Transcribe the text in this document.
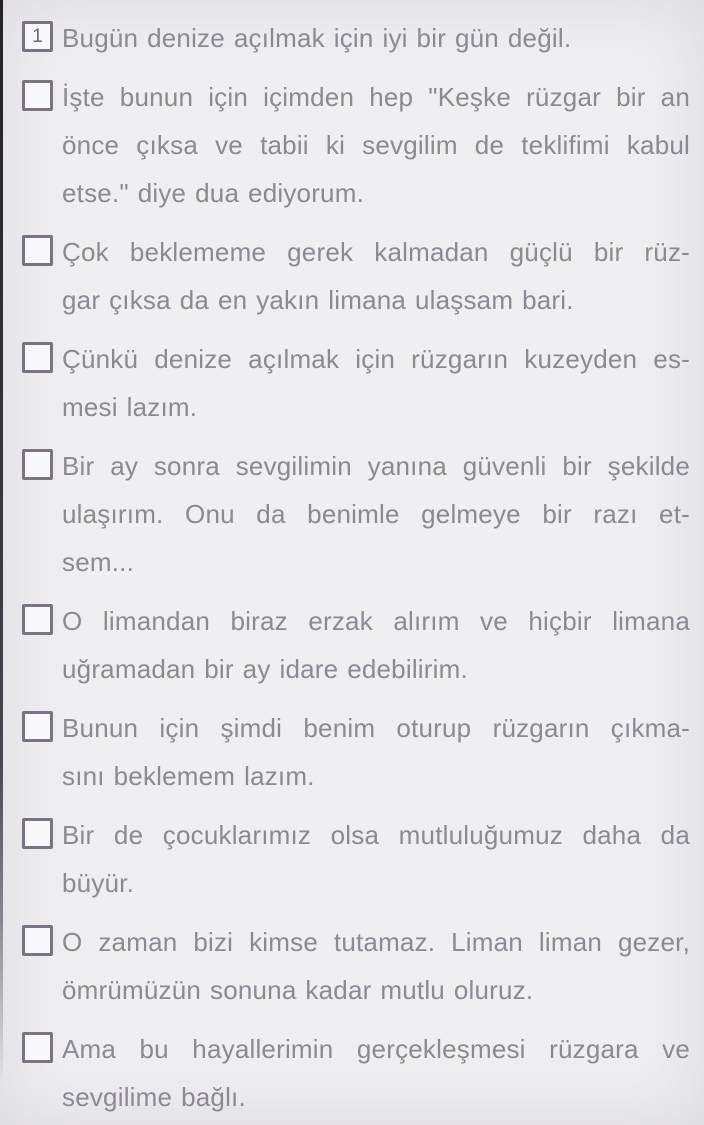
1 Bugün denize açılmak için iyi bir gün değil.
İşte bunun için içimden hep "Keşke rüzgar bir an
önce çıksa ve tabii ki sevgilim de teklifimi kabul
etse." diye dua ediyorum.
Çok beklememe gerek kalmadan güçlü bir rüz-
gar çıksa da en yakın limana ulaşsam bari.
Çünkü denize açılmak için rüzgarın kuzeyden es-
mesi lazım.
Bir ay sonra sevgilimin yanına güvenli bir şekilde
ulaşırım. Onu da benimle gelmeye bir razı et-
sem...
O limandan biraz erzak alırım ve hiçbir limana
uğramadan bir ay idare edebilirim.
Bunun için şimdi benim oturup rüzgarın çıkma-
sını beklemem lazım.
Bir de çocuklarımız olsa mutluluğumuz daha da
büyür.
O zaman bizi kimse tutamaz. Liman liman gezer,
ömrümüzün sonuna kadar mutlu oluruz.
Ama bu hayallerimin gerçekleşmesi rüzgara ve
sevgilime bağlı.
